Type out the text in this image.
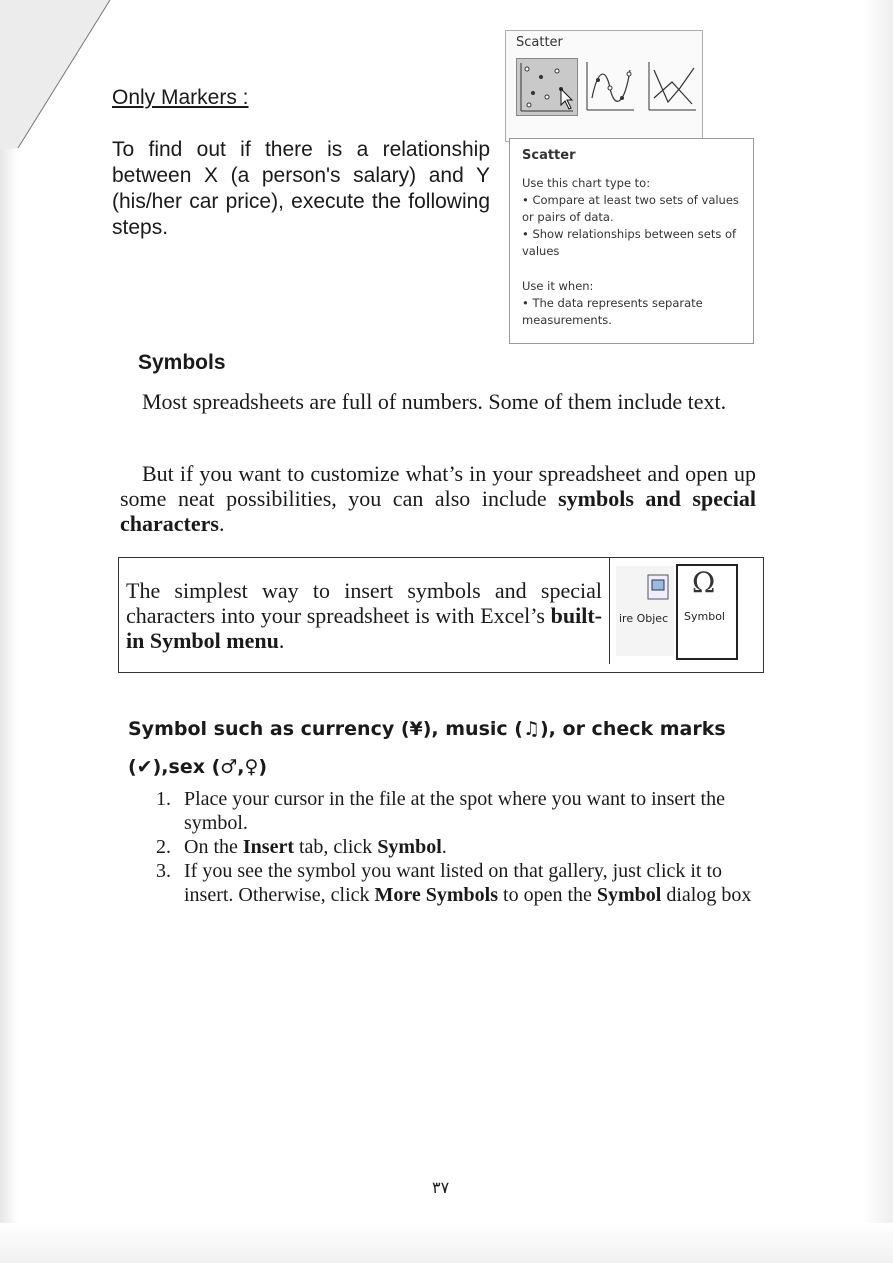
Only Markers :
To find out if there is a relationship between X (a person's salary) and Y (his/her car price), execute the following steps.
Scatter
Scatter

Use this chart type to:

• Compare at least two sets of values or pairs of data.

• Show relationships between sets of values

Use it when:

• The data represents separate measurements.

Symbols
Most spreadsheets are full of numbers. Some of them include text.
But if you want to customize what’s in your spreadsheet and open up some neat possibilities, you can also include symbols and special characters.
The simplest way to insert symbols and special characters into your spreadsheet is with Excel’s built-in Symbol menu.
ire Objec
Ω
Symbol
Symbol such as currency (¥), music (♫), or check marks (✔),sex (♂,♀)
1. Place your cursor in the file at the spot where you want to insert the symbol.
2. On the Insert tab, click Symbol.
3. If you see the symbol you want listed on that gallery, just click it to insert. Otherwise, click More Symbols to open the Symbol dialog box
٣٧
